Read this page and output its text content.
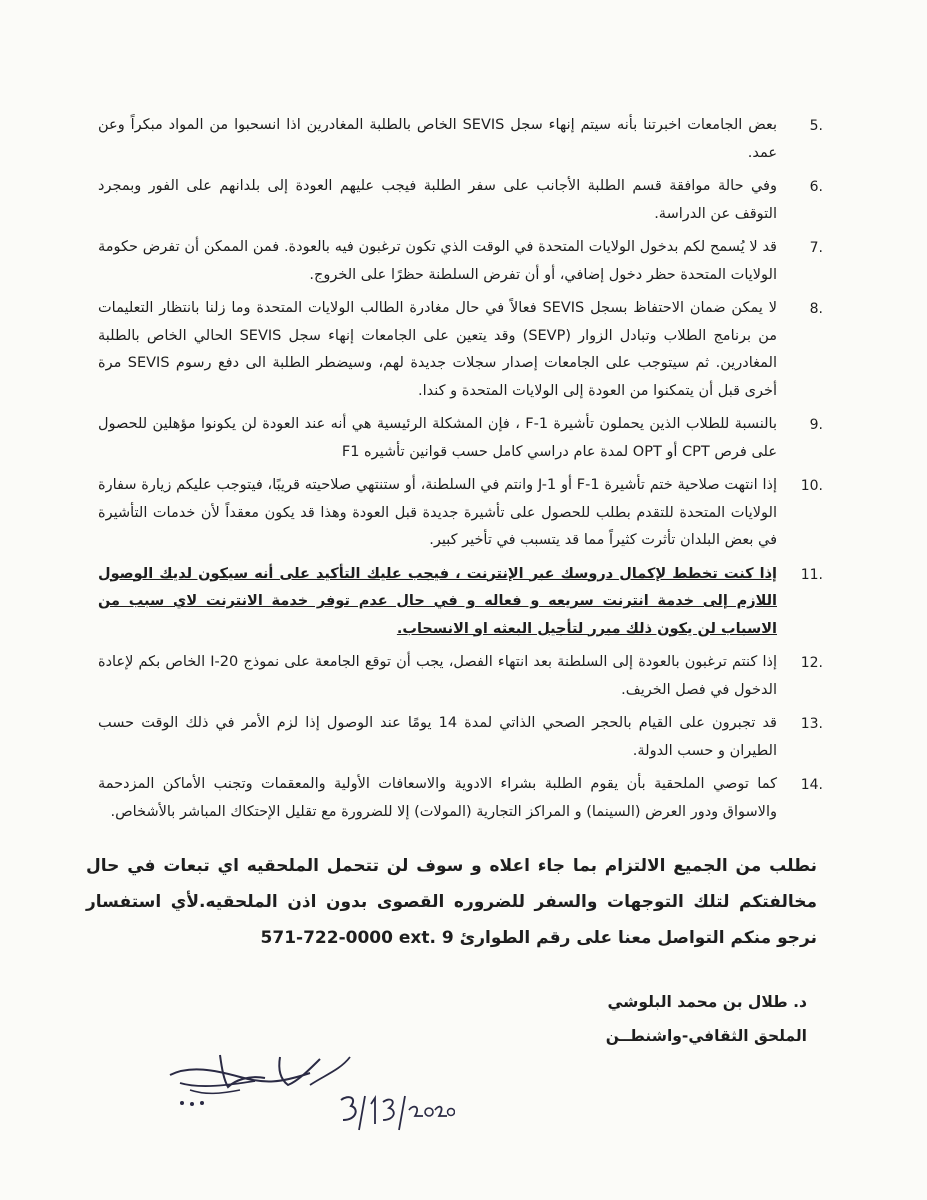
5.
بعض الجامعات اخبرتنا بأنه سيتم إنهاء سجل SEVIS الخاص بالطلبة المغادرين اذا انسحبوا من المواد مبكراً وعن عمد.
6.
وفي حالة موافقة قسم الطلبة الأجانب على سفر الطلبة فيجب عليهم العودة إلى بلدانهم على الفور وبمجرد التوقف عن الدراسة.
7.
قد لا يُسمح لكم بدخول الولايات المتحدة في الوقت الذي تكون ترغبون فيه بالعودة. فمن الممكن أن تفرض حكومة الولايات المتحدة حظر دخول إضافي، أو أن تفرض السلطنة حظرًا على الخروج.
8.
لا يمكن ضمان الاحتفاظ بسجل SEVIS فعالاً في حال مغادرة الطالب الولايات المتحدة وما زلنا بانتظار التعليمات من برنامج الطلاب وتبادل الزوار (SEVP) وقد يتعين على الجامعات إنهاء سجل SEVIS الحالي الخاص بالطلبة المغادرين. ثم سيتوجب على الجامعات إصدار سجلات جديدة لهم، وسيضطر الطلبة الى دفع رسوم SEVIS مرة أخرى قبل أن يتمكنوا من العودة إلى الولايات المتحدة و كندا.
9.
بالنسبة للطلاب الذين يحملون تأشيرة F-1 ، فإن المشكلة الرئيسية هي أنه عند العودة لن يكونوا مؤهلين للحصول على فرص CPT أو OPT لمدة عام دراسي كامل حسب قوانين تأشيره F1
10.
إذا انتهت صلاحية ختم تأشيرة F-1 أو J-1 وانتم في السلطنة، أو ستنتهي صلاحيته قريبًا، فيتوجب عليكم زيارة سفارة الولايات المتحدة للتقدم بطلب للحصول على تأشيرة جديدة قبل العودة وهذا قد يكون معقداً لأن خدمات التأشيرة في بعض البلدان تأثرت كثيراً مما قد يتسبب في تأخير كبير.
11.
إذا كنت تخطط لإكمال دروسك عبر الإنترنت ، فيجب عليك التأكيد على أنه سيكون لديك الوصول اللازم إلى خدمة انترنت سريعه و فعاله و في حال عدم توفر خدمة الانترنت لاي سبب من الاسباب لن يكون ذلك مبرر لتأجيل البعثه او الانسحاب.
12.
إذا كنتم ترغبون بالعودة إلى السلطنة بعد انتهاء الفصل، يجب أن توقع الجامعة على نموذج I-20 الخاص بكم لإعادة الدخول في فصل الخريف.
13.
قد تجبرون على القيام بالحجر الصحي الذاتي لمدة 14 يومًا عند الوصول إذا لزم الأمر في ذلك الوقت حسب الطيران و حسب الدولة.
14.
كما توصي الملحقية بأن يقوم الطلبة بشراء الادوية والاسعافات الأولية والمعقمات وتجنب الأماكن المزدحمة والاسواق ودور العرض (السينما) و المراكز التجارية (المولات) إلا للضرورة مع تقليل الإحتكاك المباشر بالأشخاص.
نطلب من الجميع الالتزام بما جاء اعلاه و سوف لن تتحمل الملحقيه اي تبعات في حال مخالفتكم لتلك التوجهات والسفر للضروره القصوى بدون اذن الملحقيه.لأي استفسار نرجو منكم التواصل معنا على رقم الطوارئ 571-722-0000 ext. 9
د. طلال بن محمد البلوشي
الملحق الثقافي-واشنطــن
